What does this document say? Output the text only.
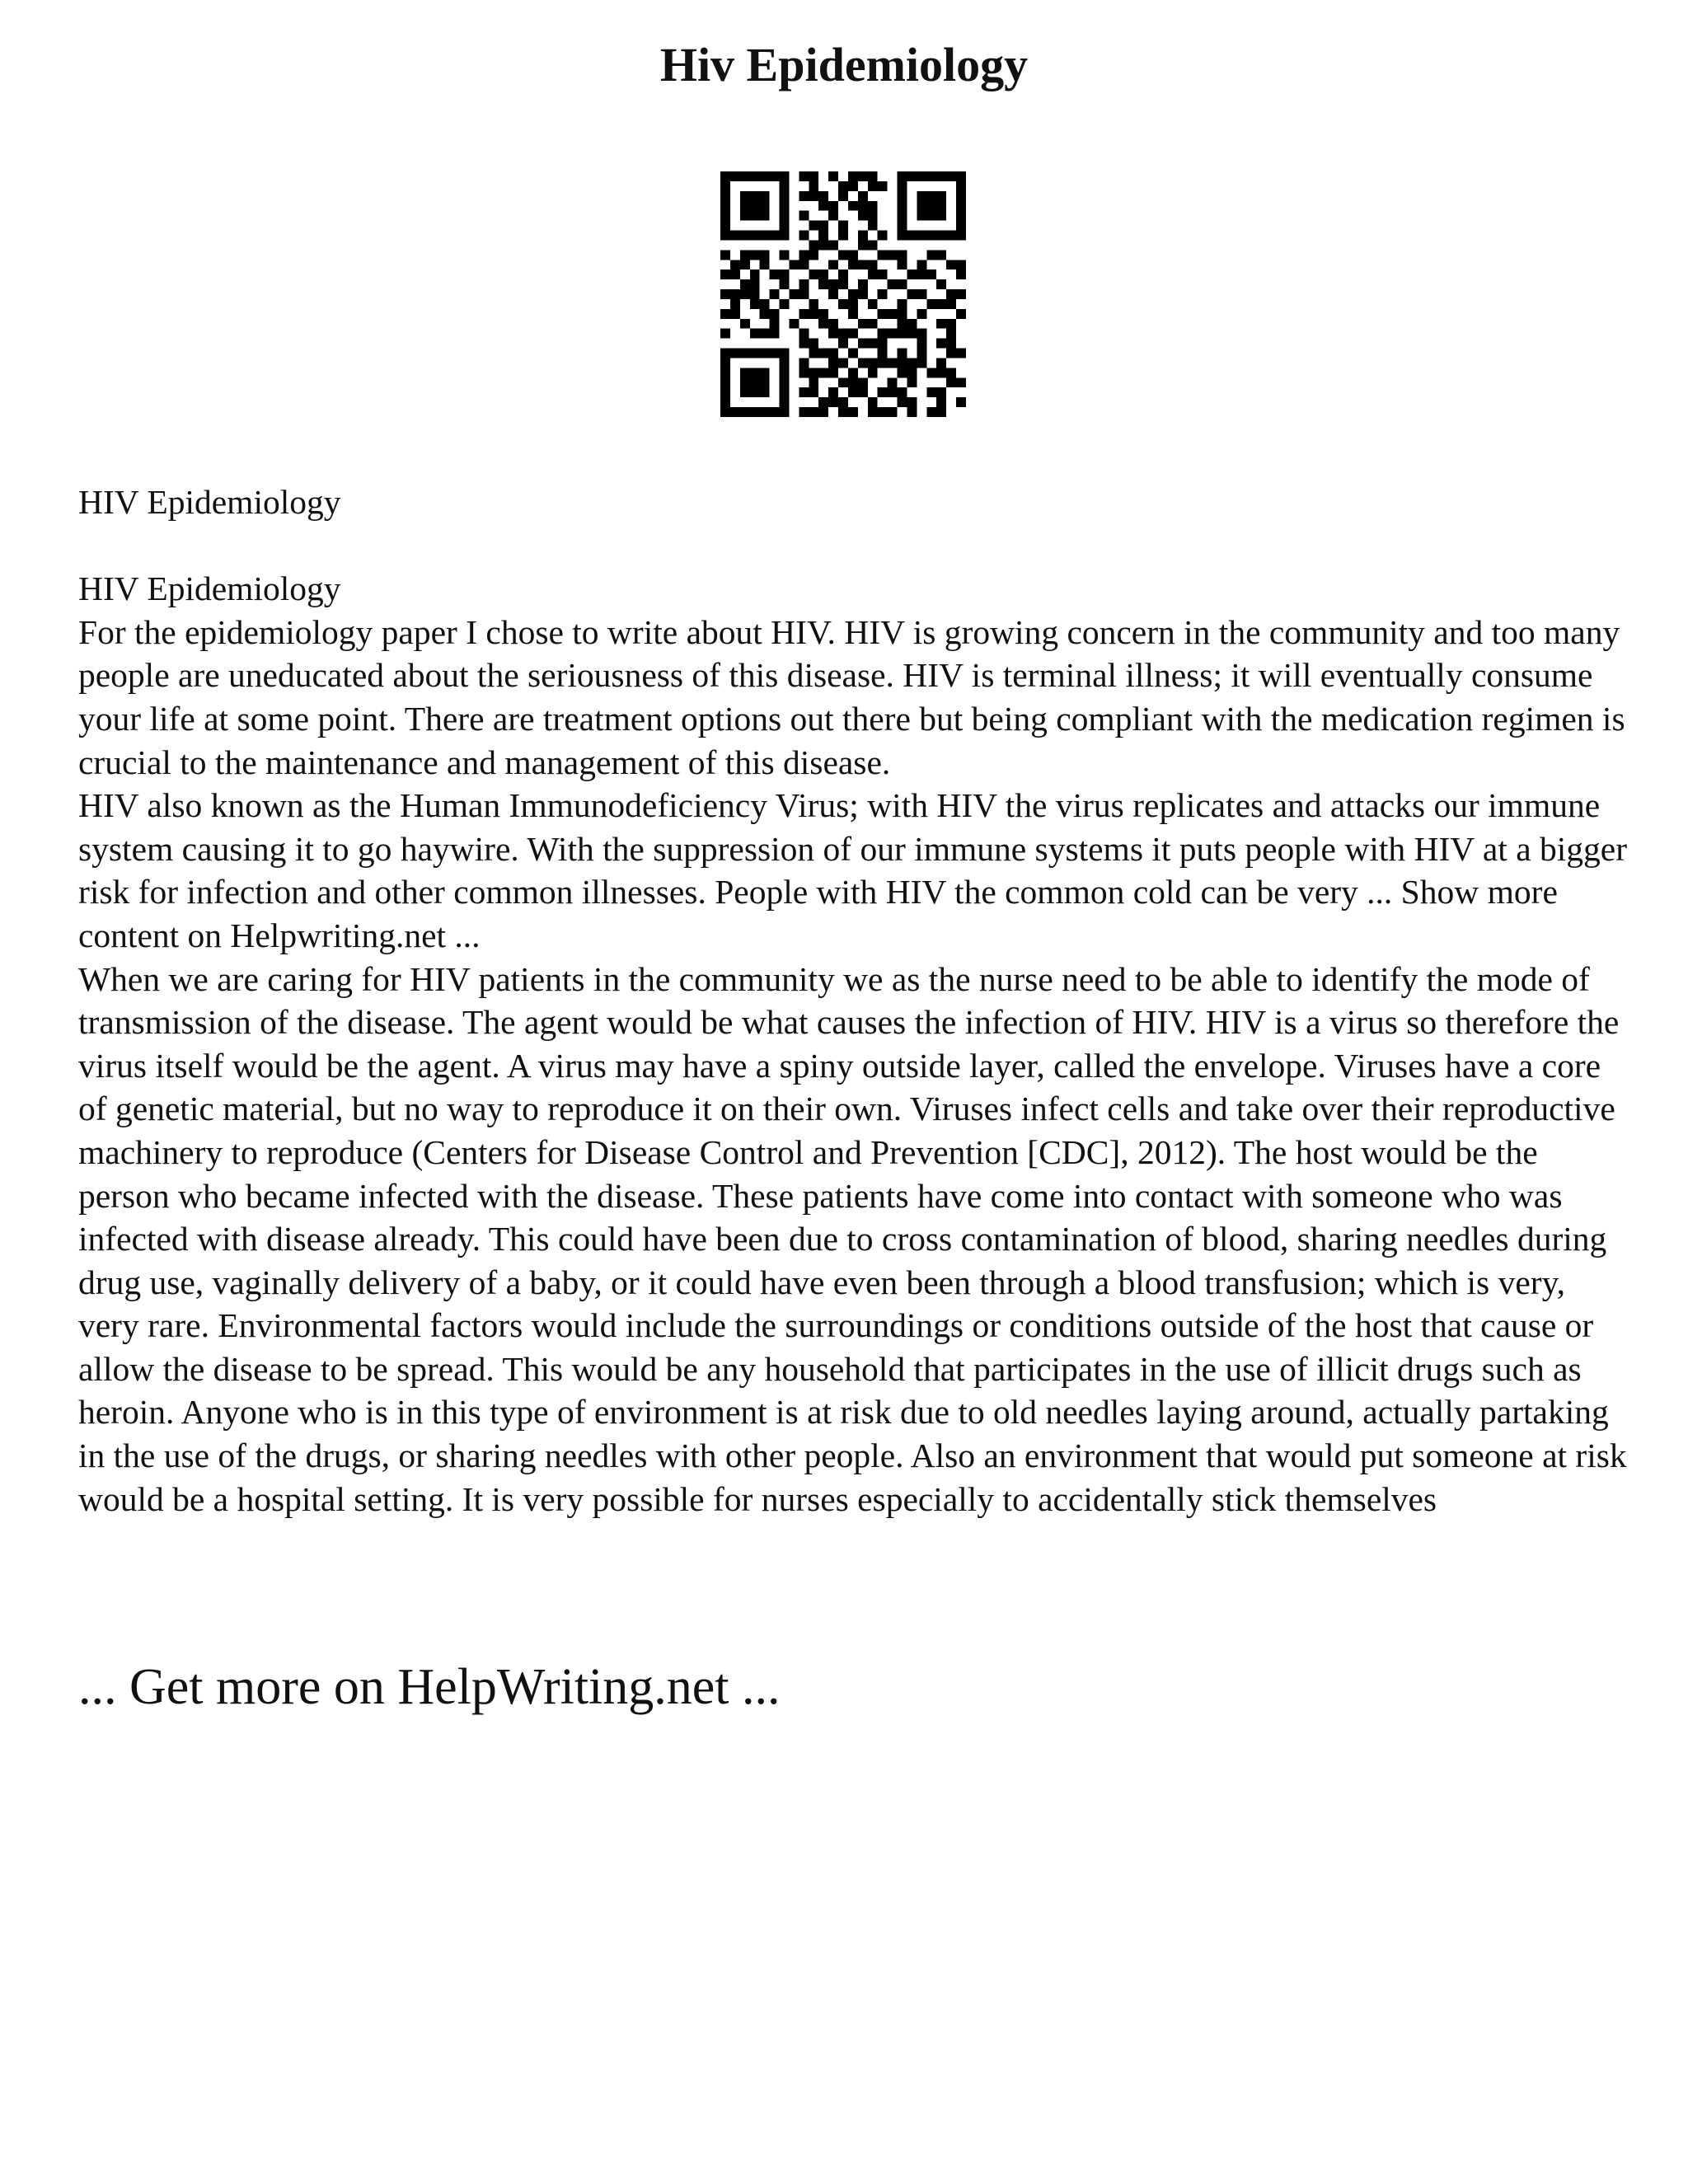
Hiv Epidemiology

HIV Epidemiology

HIV Epidemiology

For the epidemiology paper I chose to write about HIV. HIV is growing concern in the community and too many people are uneducated about the seriousness of this disease. HIV is terminal illness; it will eventually consume your life at some point. There are treatment options out there but being compliant with the medication regimen is crucial to the maintenance and management of this disease.

HIV also known as the Human Immunodeficiency Virus; with HIV the virus replicates and attacks our immune system causing it to go haywire. With the suppression of our immune systems it puts people with HIV at a bigger risk for infection and other common illnesses. People with HIV the common cold can be very ... Show more content on Helpwriting.net ...

When we are caring for HIV patients in the community we as the nurse need to be able to identify the mode of transmission of the disease. The agent would be what causes the infection of HIV. HIV is a virus so therefore the virus itself would be the agent. A virus may have a spiny outside layer, called the envelope. Viruses have a core of genetic material, but no way to reproduce it on their own. Viruses infect cells and take over their reproductive machinery to reproduce (Centers for Disease Control and Prevention [CDC], 2012). The host would be the person who became infected with the disease. These patients have come into contact with someone who was infected with disease already. This could have been due to cross contamination of blood, sharing needles during drug use, vaginally delivery of a baby, or it could have even been through a blood transfusion; which is very, very rare. Environmental factors would include the surroundings or conditions outside of the host that cause or allow the disease to be spread. This would be any household that participates in the use of illicit drugs such as heroin. Anyone who is in this type of environment is at risk due to old needles laying around, actually partaking in the use of the drugs, or sharing needles with other people. Also an environment that would put someone at risk would be a hospital setting. It is very possible for nurses especially to accidentally stick themselves

... Get more on HelpWriting.net ...
